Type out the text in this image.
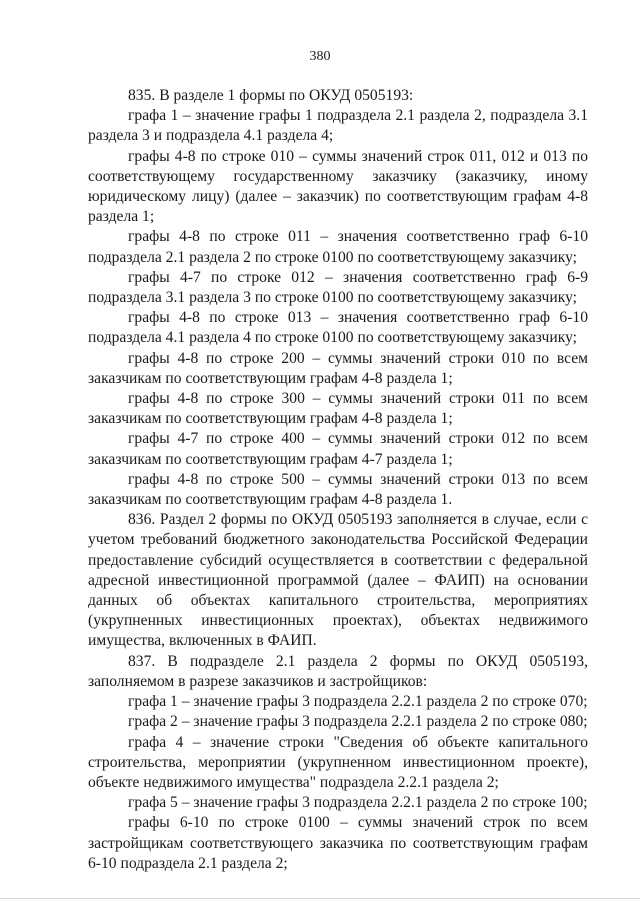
380

835. В разделе 1 формы по ОКУД 0505193:

графа 1 – значение графы 1 подраздела 2.1 раздела 2, подраздела 3.1 раздела 3 и подраздела 4.1 раздела 4;

графы 4-8 по строке 010 – суммы значений строк 011, 012 и 013 по соответствующему государственному заказчику (заказчику, иному юридическому лицу) (далее – заказчик) по соответствующим графам 4-8 раздела 1;

графы 4-8 по строке 011 – значения соответственно граф 6-10 подраздела 2.1 раздела 2 по строке 0100 по соответствующему заказчику;

графы 4-7 по строке 012 – значения соответственно граф 6-9 подраздела 3.1 раздела 3 по строке 0100 по соответствующему заказчику;

графы 4-8 по строке 013 – значения соответственно граф 6-10 подраздела 4.1 раздела 4 по строке 0100 по соответствующему заказчику;

графы 4-8 по строке 200 – суммы значений строки 010 по всем заказчикам по соответствующим графам 4-8 раздела 1;

графы 4-8 по строке 300 – суммы значений строки 011 по всем заказчикам по соответствующим графам 4-8 раздела 1;

графы 4-7 по строке 400 – суммы значений строки 012 по всем заказчикам по соответствующим графам 4-7 раздела 1;

графы 4-8 по строке 500 – суммы значений строки 013 по всем заказчикам по соответствующим графам 4-8 раздела 1.

836. Раздел 2 формы по ОКУД 0505193 заполняется в случае, если с учетом требований бюджетного законодательства Российской Федерации предоставление субсидий осуществляется в соответствии с федеральной адресной инвестиционной программой (далее – ФАИП) на основании данных об объектах капитального строительства, мероприятиях (укрупненных инвестиционных проектах), объектах недвижимого имущества, включенных в ФАИП.

837. В подразделе 2.1 раздела 2 формы по ОКУД 0505193, заполняемом в разрезе заказчиков и застройщиков:

графа 1 – значение графы 3 подраздела 2.2.1 раздела 2 по строке 070;

графа 2 – значение графы 3 подраздела 2.2.1 раздела 2 по строке 080;

графа 4 – значение строки "Сведения об объекте капитального строительства, мероприятии (укрупненном инвестиционном проекте), объекте недвижимого имущества" подраздела 2.2.1 раздела 2;

графа 5 – значение графы 3 подраздела 2.2.1 раздела 2 по строке 100;

графы 6-10 по строке 0100 – суммы значений строк по всем застройщикам соответствующего заказчика по соответствующим графам 6-10 подраздела 2.1 раздела 2;
